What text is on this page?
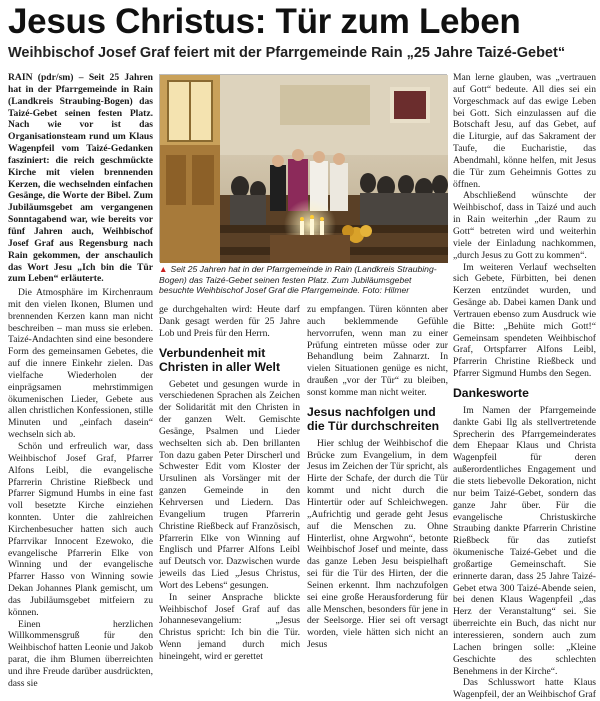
Jesus Christus: Tür zum Leben
Weihbischof Josef Graf feiert mit der Pfarrgemeinde Rain „25 Jahre Taizé-Gebet“

RAIN (pdr/sm) – Seit 25 Jahren hat in der Pfarrgemeinde in Rain (Landkreis Straubing-Bogen) das Taizé-Gebet seinen festen Platz. Nach wie vor ist das Organisationsteam rund um Klaus Wagenpfeil vom Taizé-Gedanken fasziniert: die reich geschmückte Kirche mit vielen brennenden Kerzen, die wechselnden einfachen Gesänge, die Worte der Bibel. Zum Jubiläumsgebet am vergangenen Sonntagabend war, wie bereits vor fünf Jahren auch, Weihbischof Josef Graf aus Regensburg nach Rain gekommen, der anschaulich das Wort Jesu „Ich bin die Tür zum Leben“ erläuterte.

Die Atmosphäre im Kirchenraum mit den vielen Ikonen, Blumen und brennenden Kerzen kann man nicht beschreiben – man muss sie erleben. Taizé-Andachten sind eine besondere Form des gemeinsamen Gebetes, die auf die innere Einkehr zielen. Das vielfache Wiederholen der einprägsamen mehrstimmigen ökumenischen Lieder, Gebete aus allen christlichen Konfessionen, stille Minuten und „einfach dasein“ wechseln sich ab.

Schön und erfreulich war, dass Weihbischof Josef Graf, Pfarrer Alfons Leibl, die evangelische Pfarrerin Christine Rießbeck und Pfarrer Sigmund Humbs in eine fast voll besetzte Kirche einziehen konnten. Unter die zahlreichen Kirchenbesucher hatten sich auch Pfarrvikar Innocent Ezewoko, die evangelische Pfarrerin Elke von Winning und der evangelische Pfarrer Hasso von Winning sowie Dekan Johannes Plank gemischt, um das Jubiläumsgebet mitfeiern zu können.

Einen herzlichen Willkommensgruß für den Weihbischof hatten Leonie und Jakob parat, die ihm Blumen überreichten und ihre Freude darüber ausdrückten, dass sie

▲ Seit 25 Jahren hat in der Pfarrgemeinde in Rain (Landkreis Straubing-Bogen) das Taizé-Gebet seinen festen Platz. Zum Jubiläumsgebet besuchte Weihbischof Josef Graf die Pfarrgemeinde. Foto: Hilmer

ge durchgehalten wird: Heute darf Dank gesagt werden für 25 Jahre Lob und Preis für den Herrn.

Verbundenheit mit Christen in aller Welt

Gebetet und gesungen wurde in verschiedenen Sprachen als Zeichen der Solidarität mit den Christen in der ganzen Welt. Gemischte Gesänge, Psalmen und Lieder wechselten sich ab. Den brillanten Ton dazu gaben Peter Dirscherl und Schwester Edit vom Kloster der Ursulinen als Vorsänger mit der ganzen Gemeinde in den Kehrversen und Liedern. Das Evangelium trugen Pfarrerin Christine Rießbeck auf Französisch, Pfarrerin Elke von Winning auf Englisch und Pfarrer Alfons Leibl auf Deutsch vor. Dazwischen wurde jeweils das Lied „Jesus Christus, Wort des Lebens“ gesungen.

In seiner Ansprache blickte Weihbischof Josef Graf auf das Johannesevangelium: „Jesus Christus spricht: Ich bin die Tür. Wenn jemand durch mich hineingeht, wird er gerettet

zu empfangen. Türen könnten aber auch beklemmende Gefühle hervorrufen, wenn man zu einer Prüfung eintreten müsse oder zur Behandlung beim Zahnarzt. In vielen Situationen genüge es nicht, draußen „vor der Tür“ zu bleiben, sonst komme man nicht weiter.

Jesus nachfolgen und die Tür durchschreiten

Hier schlug der Weihbischof die Brücke zum Evangelium, in dem Jesus im Zeichen der Tür spricht, als Hirte der Schafe, der durch die Tür kommt und nicht durch die Hintertür oder auf Schleichwegen. „Aufrichtig und gerade geht Jesus auf die Menschen zu. Ohne Hinterlist, ohne Argwohn“, betonte Weihbischof Josef und meinte, dass das ganze Leben Jesu beispielhaft sei für die Tür des Hirten, der die Seinen erkennt. Ihm nachzufolgen sei eine große Herausforderung für alle Menschen, besonders für jene in der Seelsorge. Hier sei oft versagt worden, viele hätten sich nicht an Jesus

Man lerne glauben, was „vertrauen auf Gott“ bedeute. All dies sei ein Vorgeschmack auf das ewige Leben bei Gott. Sich einzulassen auf die Botschaft Jesu, auf das Gebet, auf die Liturgie, auf das Sakrament der Taufe, die Eucharistie, das Abendmahl, könne helfen, mit Jesus die Tür zum Geheimnis Gottes zu öffnen.

Abschließend wünschte der Weihbischof, dass in Taizé und auch in Rain weiterhin „der Raum zu Gott“ betreten wird und weiterhin viele der Einladung nachkommen, „durch Jesus zu Gott zu kommen“.

Im weiteren Verlauf wechselten sich Gebete, Fürbitten, bei denen Kerzen entzündet wurden, und Gesänge ab. Dabei kamen Dank und Vertrauen ebenso zum Ausdruck wie die Bitte: „Behüte mich Gott!“ Gemeinsam spendeten Weihbischof Graf, Ortspfarrer Alfons Leibl, Pfarrerin Christine Rießbeck und Pfarrer Sigmund Humbs den Segen.

Dankesworte

Im Namen der Pfarrgemeinde dankte Gabi Ilg als stellvertretende Sprecherin des Pfarrgemeinderates dem Ehepaar Klaus und Christa Wagenpfeil für deren außerordentliches Engagement und die stets liebevolle Dekoration, nicht nur beim Taizé-Gebet, sondern das ganze Jahr über. Für die evangelische Christuskirche Straubing dankte Pfarrerin Christine Rießbeck für das zutiefst ökumenische Taizé-Gebet und die großartige Gemeinschaft. Sie erinnerte daran, dass 25 Jahre Taizé-Gebet etwa 300 Taizé-Abende seien, bei denen Klaus Wagenpfeil „das Herz der Veranstaltung“ sei. Sie überreichte ein Buch, das nicht nur interessieren, sondern auch zum Lachen bringen solle: „Kleine Geschichte des schlechten Benehmens in der Kirche“.

Das Schlusswort hatte Klaus Wagenpfeil, der an Weihbischof Graf
